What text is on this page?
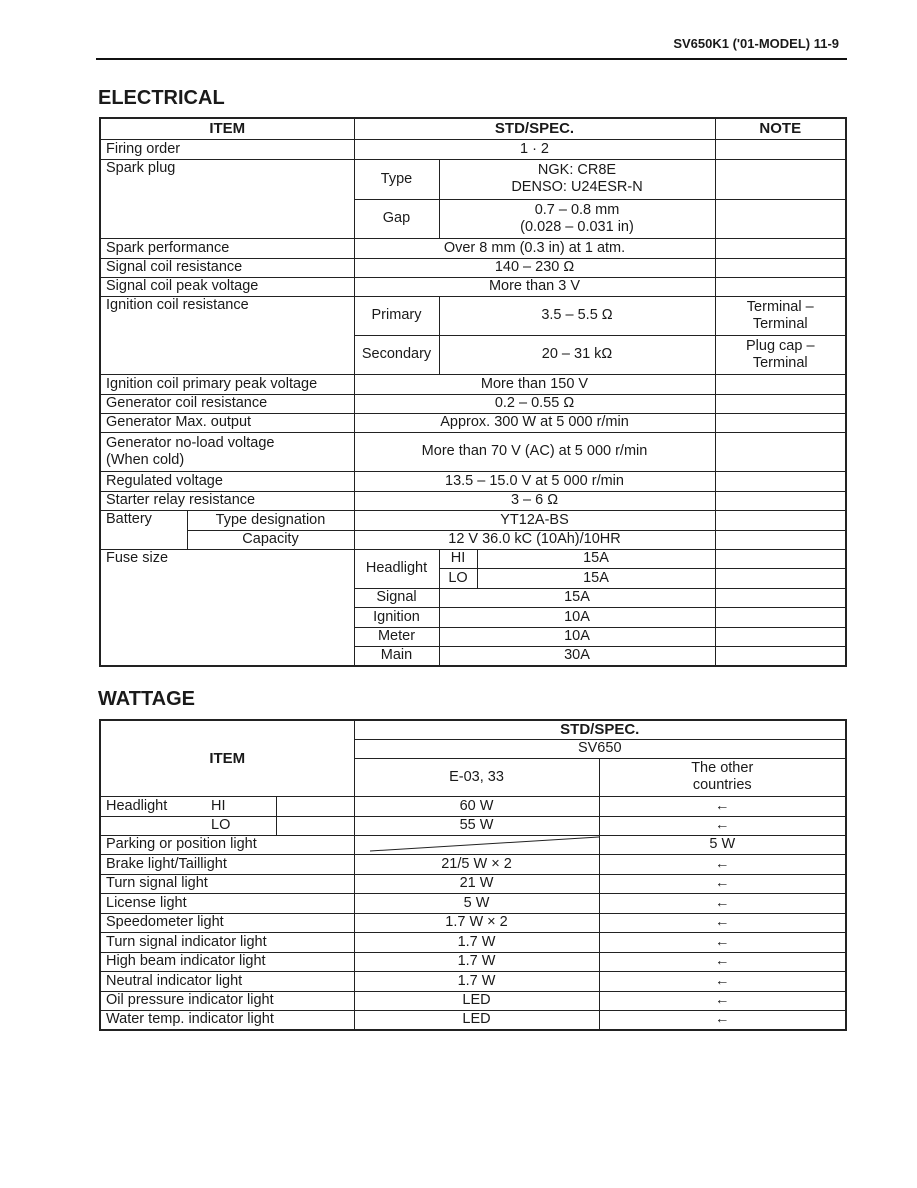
SV650K1 ('01-MODEL) 11-9
ELECTRICAL
ITEM		STD/SPEC.			NOTE
Firing order		1 · 2			
Spark plug		Type	NGK: CR8E
DENSO: U24ESR-N		

		Gap	0.7 – 0.8 mm
(0.028 – 0.031 in)		

Spark performance		Over 8 mm (0.3 in) at 1 atm.			
Signal coil resistance		140 – 230 Ω			
Signal coil peak voltage		More than 3 V			
Ignition coil resistance		Primary	3.5 – 5.5 Ω		Terminal –
Terminal

		Secondary	20 – 31 kΩ		Plug cap –
Terminal

Ignition coil primary peak voltage		More than 150 V			
Generator coil resistance		0.2 – 0.55 Ω			
Generator Max. output		Approx. 300 W at 5 000 r/min			

Generator no-load voltage
(When cold)		More than 70 V (AC) at 5 000 r/min			
Regulated voltage		13.5 – 15.0 V at 5 000 r/min			
Starter relay resistance		3 – 6 Ω			
Battery	Type designation	YT12A-BS			
	Capacity	12 V 36.0 kC (10Ah)/10HR			
Fuse size		Headlight	HI	15A	
			LO	15A	
		Signal	15A		
		Ignition	10A		
		Meter	10A		
		Main	30A		
WATTAGE
ITEM		STD/SPEC.	
		SV650	
		E-03, 33	The other
countries

Headlight HI		60 W	←

LO		55 W	←
Parking or position light			5 W
Brake light/Taillight		21/5 W × 2	←
Turn signal light		21 W	←
License light		5 W	←
Speedometer light		1.7 W × 2	←
Turn signal indicator light		1.7 W	←
High beam indicator light		1.7 W	←
Neutral indicator light		1.7 W	←
Oil pressure indicator light		LED	←
Water temp. indicator light		LED	←
